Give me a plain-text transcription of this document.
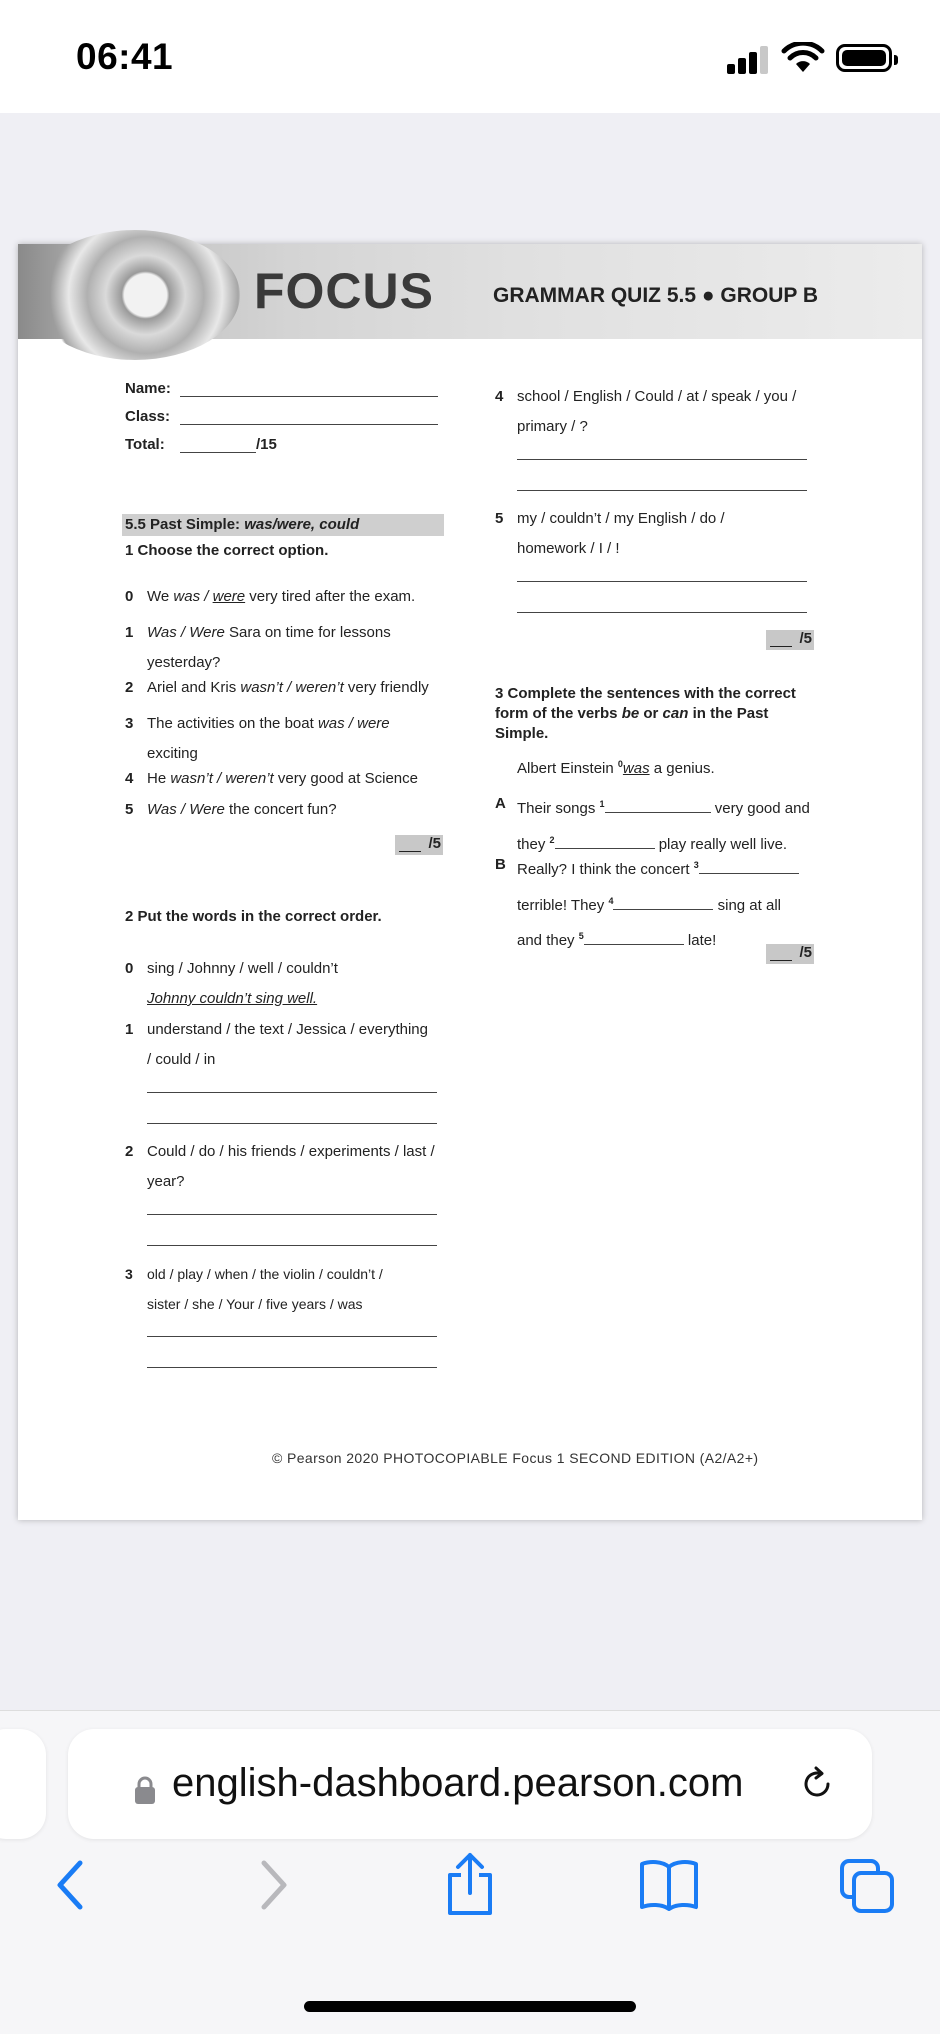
06:41
FOCUS	GRAMMAR QUIZ 5.5 ● GROUP B
Name:
Class:
Total:	/15
5.5 Past Simple: was/were, could
1 Choose the correct option.
0 We was / were very tired after the exam.
1 Was / Were Sara on time for lessons
yesterday?
2 Ariel and Kris wasn’t / weren’t very friendly
3 The activities on the boat was / were
exciting
4 He wasn’t / weren’t very good at Science
5 Was / Were the concert fun?
/5
2 Put the words in the correct order.
0 sing / Johnny / well / couldn’t
Johnny couldn’t sing well.
1 understand / the text / Jessica / everything
/ could / in
2 Could / do / his friends / experiments / last /
year?
3 old / play / when / the violin / couldn’t /
sister / she / Your / five years / was
4 school / English / Could / at / speak / you /
primary / ?
5 my / couldn’t / my English / do /
homework / I / !
/5
3 Complete the sentences with the correct
form of the verbs be or can in the Past
Simple.
Albert Einstein $^0$was a genius.
A Their songs $^1$	very good and
they $^2$	play really well live.
B Really? I think the concert $^3$
terrible! They $^4$	sing at all
and they $^5$	late!
/5
© Pearson 2020 PHOTOCOPIABLE Focus 1 SECOND EDITION (A2/A2+)
english-dashboard.pearson.com
